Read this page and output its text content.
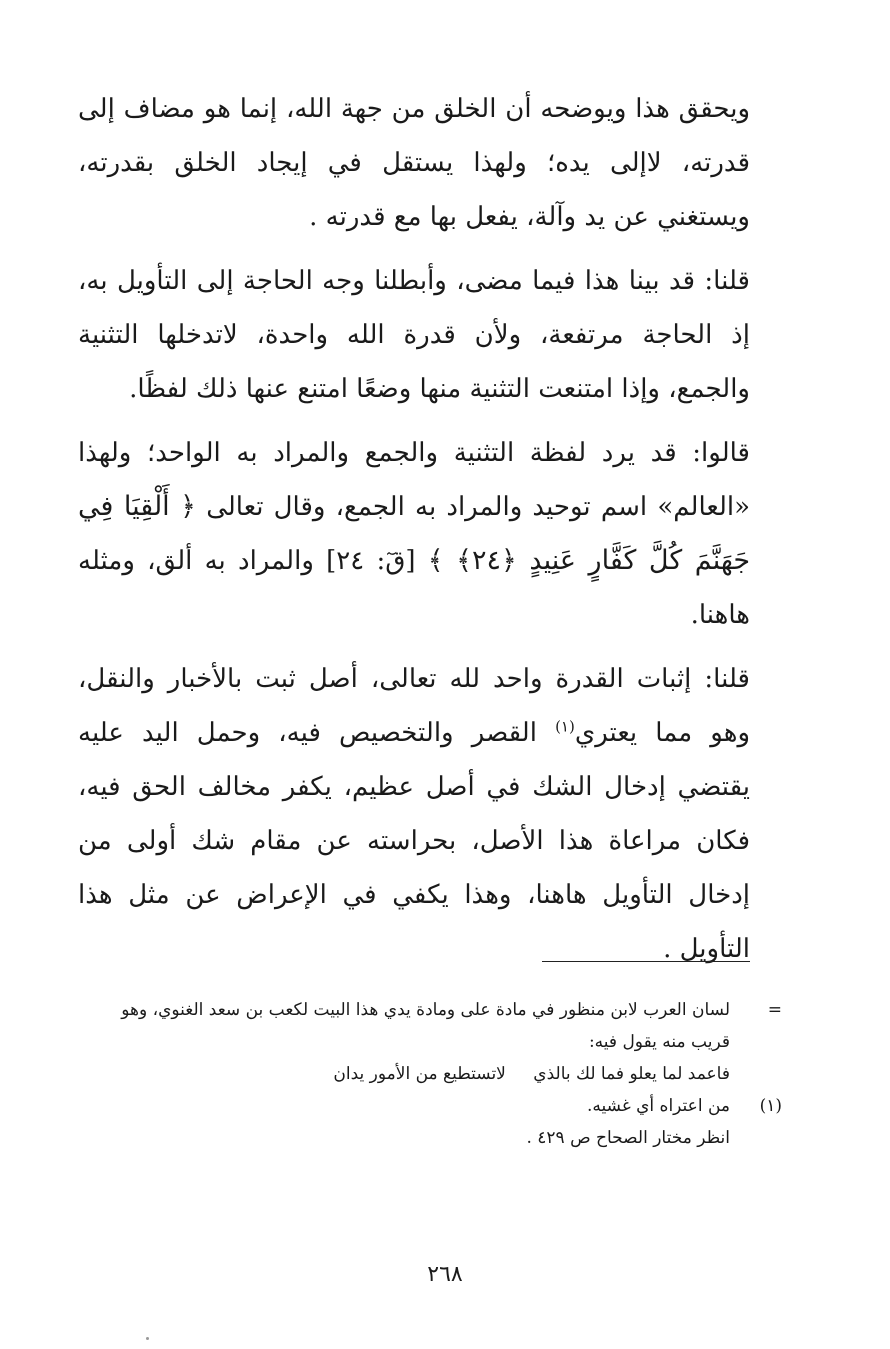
ويحقق هذا ويوضحه أن الخلق من جهة الله، إنما هو مضاف إلى قدرته، لاإلى يده؛ ولهذا يستقل في إيجاد الخلق بقدرته، ويستغني عن يد وآلة، يفعل بها مع قدرته .

قلنا: قد بينا هذا فيما مضى، وأبطلنا وجه الحاجة إلى التأويل به، إذ الحاجة مرتفعة، ولأن قدرة الله واحدة، لاتدخلها التثنية والجمع، وإذا امتنعت التثنية منها وضعًا امتنع عنها ذلك لفظًا.

قالوا: قد يرد لفظة التثنية والجمع والمراد به الواحد؛ ولهذا «العالم» اسم توحيد والمراد به الجمع، وقال تعالى ﴿ أَلْقِيَا فِي جَهَنَّمَ كُلَّ كَفَّارٍ عَنِيدٍ ﴿٢٤﴾ ﴾ [قٓ: ٢٤] والمراد به ألق، ومثله هاهنا.

قلنا: إثبات القدرة واحد لله تعالى، أصل ثبت بالأخبار والنقل، وهو مما يعتري$^{(١)}$ القصر والتخصيص فيه، وحمل اليد عليه يقتضي إدخال الشك في أصل عظيم، يكفر مخالف الحق فيه، فكان مراعاة هذا الأصل، بحراسته عن مقام شك أولى من إدخال التأويل هاهنا، وهذا يكفي في الإعراض عن مثل هذا التأويل .

=
لسان العرب لابن منظور في مادة على ومادة يدي هذا البيت لكعب بن سعد الغنوي، وهو قريب منه يقول فيه:
فاعمد لما يعلو فما لك بالذي لاتستطيع من الأمور يدان
(١)
من اعتراه أي غشيه.
انظر مختار الصحاح ص ٤٢٩ .
٢٦٨
